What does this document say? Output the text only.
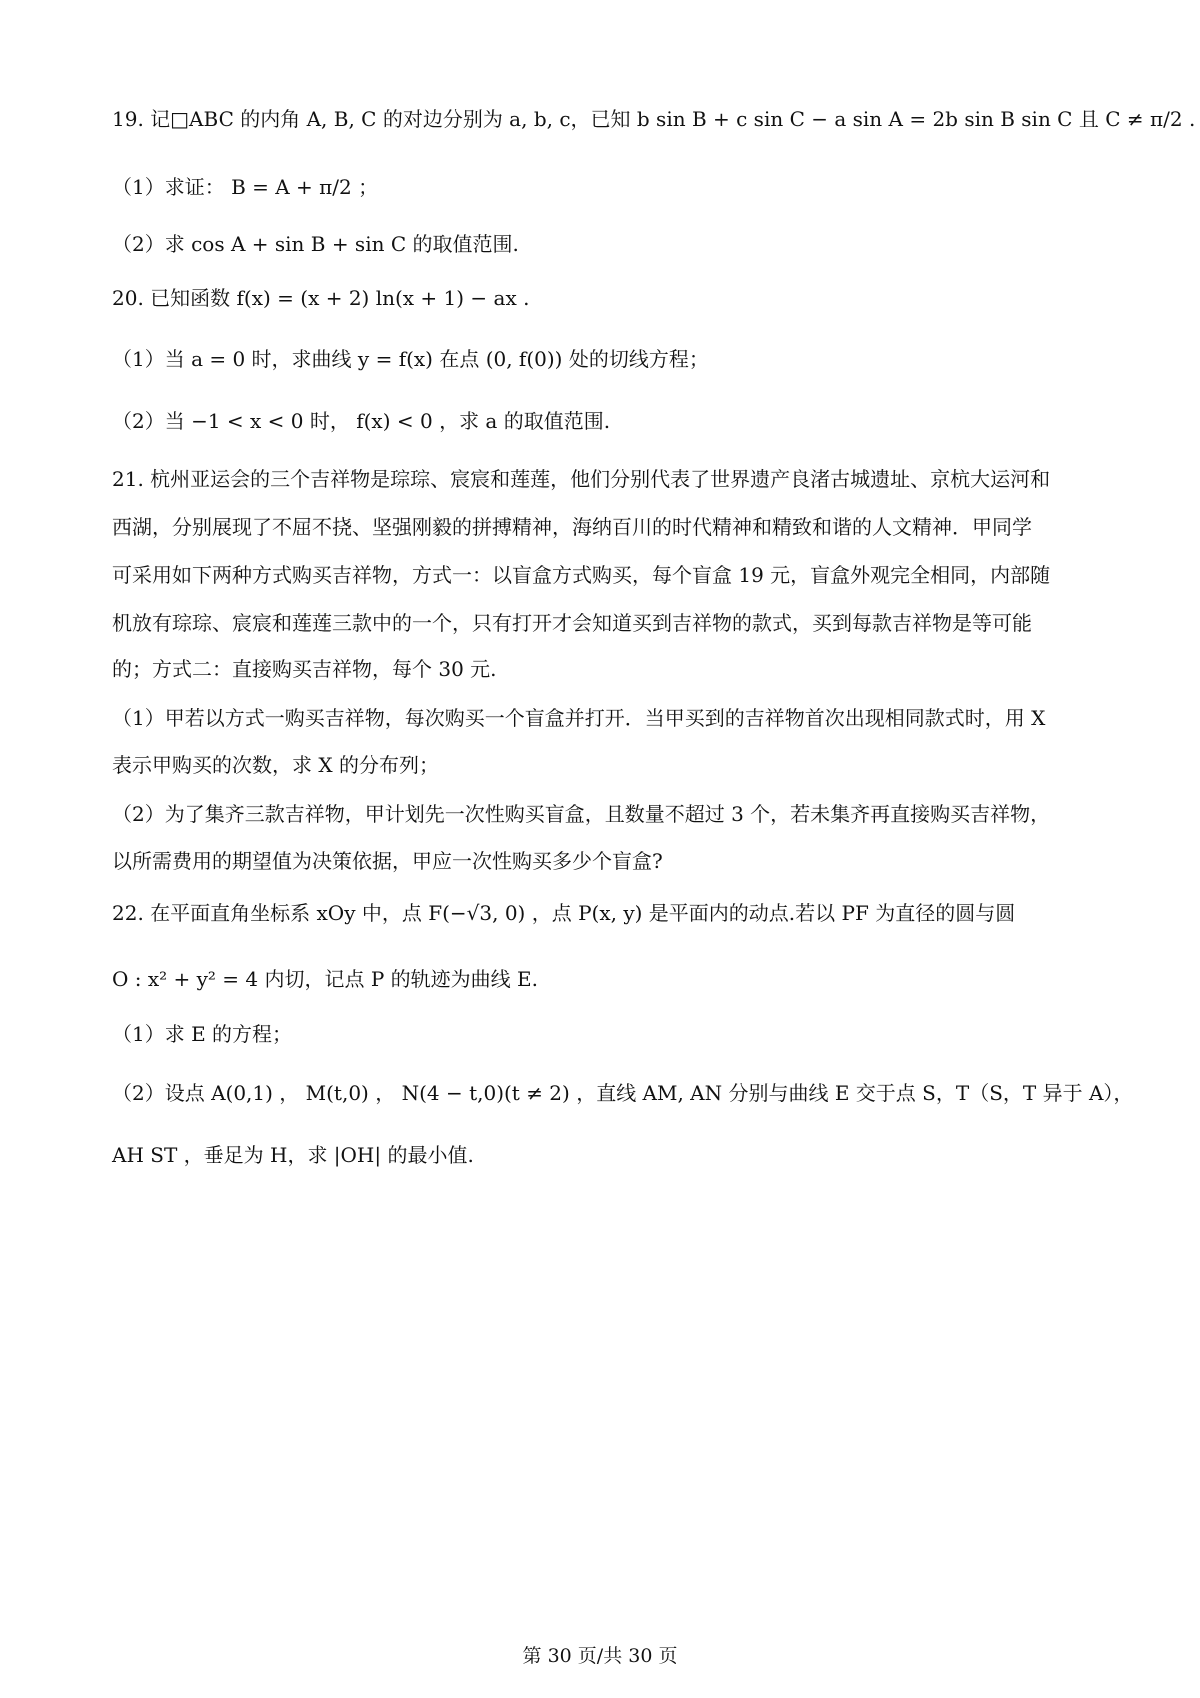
19. 记□ABC 的内角 A, B, C 的对边分别为 a, b, c，已知 b sin B + c sin C − a sin A = 2b sin B sin C 且 C ≠ π/2 .
（1）求证： B = A + π/2 ；
（2）求 cos A + sin B + sin C 的取值范围.
20. 已知函数 f(x) = (x + 2) ln(x + 1) − ax .
（1）当 a = 0 时，求曲线 y = f(x) 在点 (0, f(0)) 处的切线方程；
（2）当 −1 < x < 0 时， f(x) < 0 ，求 a 的取值范围.
21. 杭州亚运会的三个吉祥物是琮琮、宸宸和莲莲，他们分别代表了世界遗产良渚古城遗址、京杭大运河和
西湖，分别展现了不屈不挠、坚强刚毅的拼搏精神，海纳百川的时代精神和精致和谐的人文精神．甲同学
可采用如下两种方式购买吉祥物，方式一：以盲盒方式购买，每个盲盒 19 元，盲盒外观完全相同，内部随
机放有琮琮、宸宸和莲莲三款中的一个，只有打开才会知道买到吉祥物的款式，买到每款吉祥物是等可能
的；方式二：直接购买吉祥物，每个 30 元.
（1）甲若以方式一购买吉祥物，每次购买一个盲盒并打开．当甲买到的吉祥物首次出现相同款式时，用 X
表示甲购买的次数，求 X 的分布列；
（2）为了集齐三款吉祥物，甲计划先一次性购买盲盒，且数量不超过 3 个，若未集齐再直接购买吉祥物，
以所需费用的期望值为决策依据，甲应一次性购买多少个盲盒?
22. 在平面直角坐标系 xOy 中，点 F(−√3, 0) ，点 P(x, y) 是平面内的动点.若以 PF 为直径的圆与圆
O : x² + y² = 4 内切，记点 P 的轨迹为曲线 E.
（1）求 E 的方程；
（2）设点 A(0,1) ， M(t,0) ， N(4 − t,0)(t ≠ 2) ，直线 AM, AN 分别与曲线 E 交于点 S，T（S，T 异于 A），
AH ST ，垂足为 H，求 |OH| 的最小值.
第 30 页/共 30 页
